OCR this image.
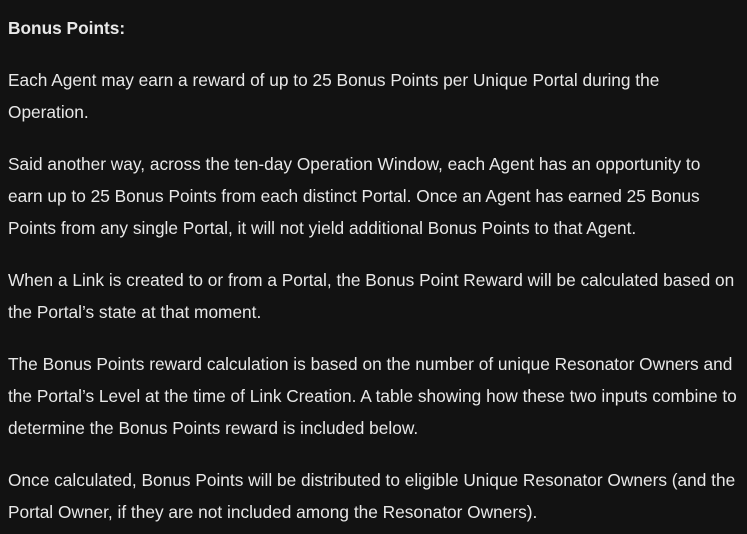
Bonus Points:

Each Agent may earn a reward of up to 25 Bonus Points per Unique Portal during the Operation.

Said another way, across the ten-day Operation Window, each Agent has an opportunity to earn up to 25 Bonus Points from each distinct Portal. Once an Agent has earned 25 Bonus Points from any single Portal, it will not yield additional Bonus Points to that Agent.

When a Link is created to or from a Portal, the Bonus Point Reward will be calculated based on the Portal’s state at that moment.

The Bonus Points reward calculation is based on the number of unique Resonator Owners and the Portal’s Level at the time of Link Creation. A table showing how these two inputs combine to determine the Bonus Points reward is included below.

Once calculated, Bonus Points will be distributed to eligible Unique Resonator Owners (and the Portal Owner, if they are not included among the Resonator Owners).
